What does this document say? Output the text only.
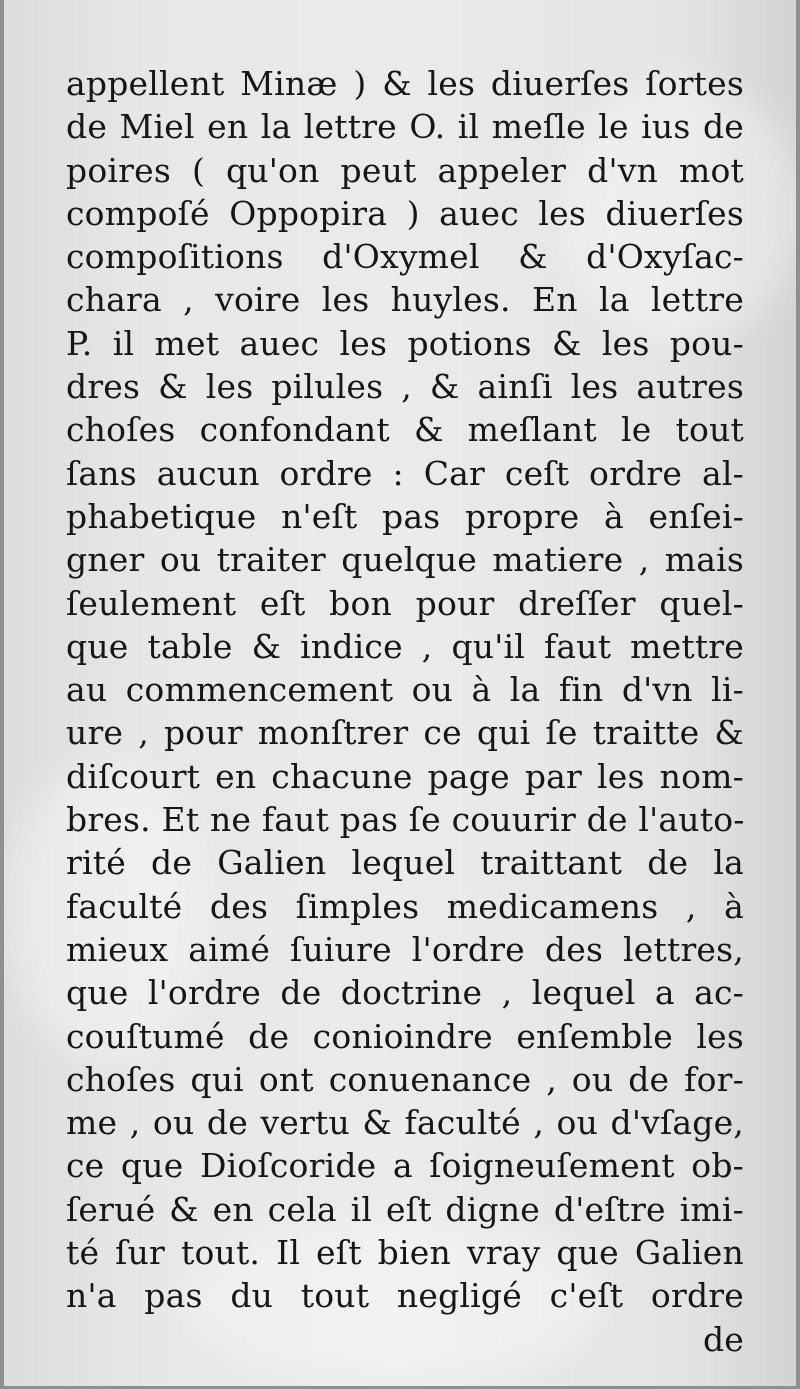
appellent Minæ ) & les diuerſes ſortes
de Miel en la lettre O. il meſle le ius de
poires ( qu'on peut appeler d'vn mot
compoſé Oppopira ) auec les diuerſes
compoſitions d'Oxymel & d'Oxyſac-
chara , voire les huyles. En la lettre
P. il met auec les potions & les pou-
dres & les pilules , & ainſi les autres
choſes confondant & meſlant le tout
ſans aucun ordre : Car ceſt ordre al-
phabetique n'eſt pas propre à enſei-
gner ou traiter quelque matiere , mais
ſeulement eſt bon pour dreſſer quel-
que table & indice , qu'il faut mettre
au commencement ou à la fin d'vn li-
ure , pour monſtrer ce qui ſe traitte &
diſcourt en chacune page par les nom-
bres. Et ne faut pas ſe couurir de l'auto-
rité de Galien lequel traittant de la
faculté des ſimples medicamens , à
mieux aimé ſuiure l'ordre des lettres,
que l'ordre de doctrine , lequel a ac-
couſtumé de conioindre enſemble les
choſes qui ont conuenance , ou de for-
me , ou de vertu & faculté , ou d'vſage,
ce que Dioſcoride a ſoigneuſement ob-
ſerué & en cela il eſt digne d'eſtre imi-
té ſur tout. Il eſt bien vray que Galien
n'a pas du tout negligé c'eſt ordre
de
